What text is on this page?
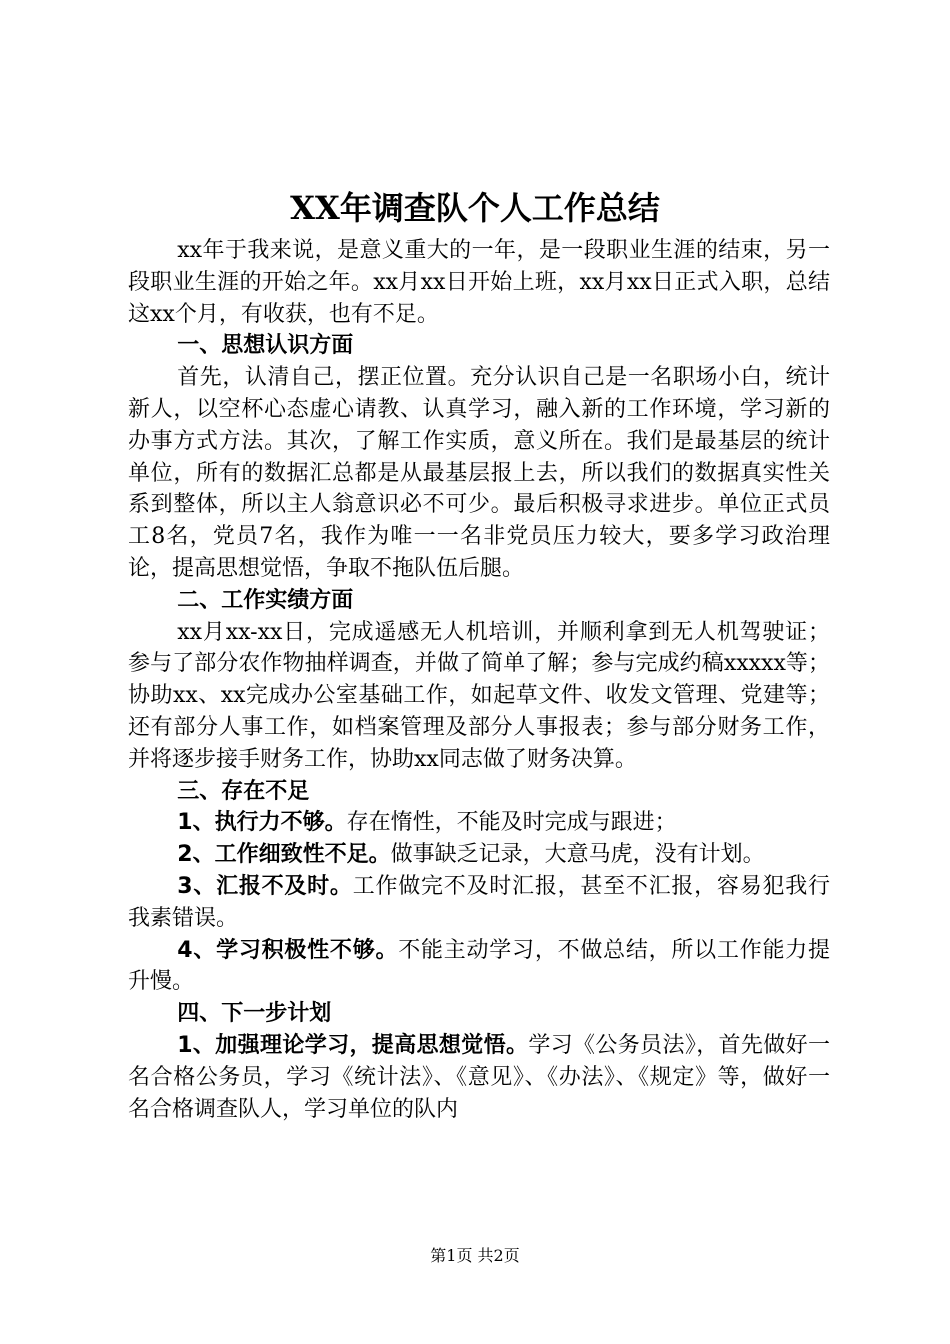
XX年调查队个人工作总结

xx年于我来说，是意义重大的一年，是一段职业生涯的结束，另一段职业生涯的开始之年。xx月xx日开始上班，xx月xx日正式入职，总结这xx个月，有收获，也有不足。

一、思想认识方面

首先，认清自己，摆正位置。充分认识自己是一名职场小白，统计新人，以空杯心态虚心请教、认真学习，融入新的工作环境，学习新的办事方式方法。其次，了解工作实质，意义所在。我们是最基层的统计单位，所有的数据汇总都是从最基层报上去，所以我们的数据真实性关系到整体，所以主人翁意识必不可少。最后积极寻求进步。单位正式员工8名，党员7名，我作为唯一一名非党员压力较大，要多学习政治理论，提高思想觉悟，争取不拖队伍后腿。

二、工作实绩方面

xx月xx-xx日，完成遥感无人机培训，并顺利拿到无人机驾驶证；参与了部分农作物抽样调查，并做了简单了解；参与完成约稿xxxxx等；协助xx、xx完成办公室基础工作，如起草文件、收发文管理、党建等；还有部分人事工作，如档案管理及部分人事报表；参与部分财务工作，并将逐步接手财务工作，协助xx同志做了财务决算。

三、存在不足

1、执行力不够。存在惰性，不能及时完成与跟进；

2、工作细致性不足。做事缺乏记录，大意马虎，没有计划。

3、汇报不及时。工作做完不及时汇报，甚至不汇报，容易犯我行我素错误。

4、学习积极性不够。不能主动学习，不做总结，所以工作能力提升慢。

四、下一步计划

1、加强理论学习，提高思想觉悟。学习《公务员法》，首先做好一名合格公务员，学习《统计法》、《意见》、《办法》、《规定》等，做好一名合格调查队人，学习单位的队内

第1页 共2页
